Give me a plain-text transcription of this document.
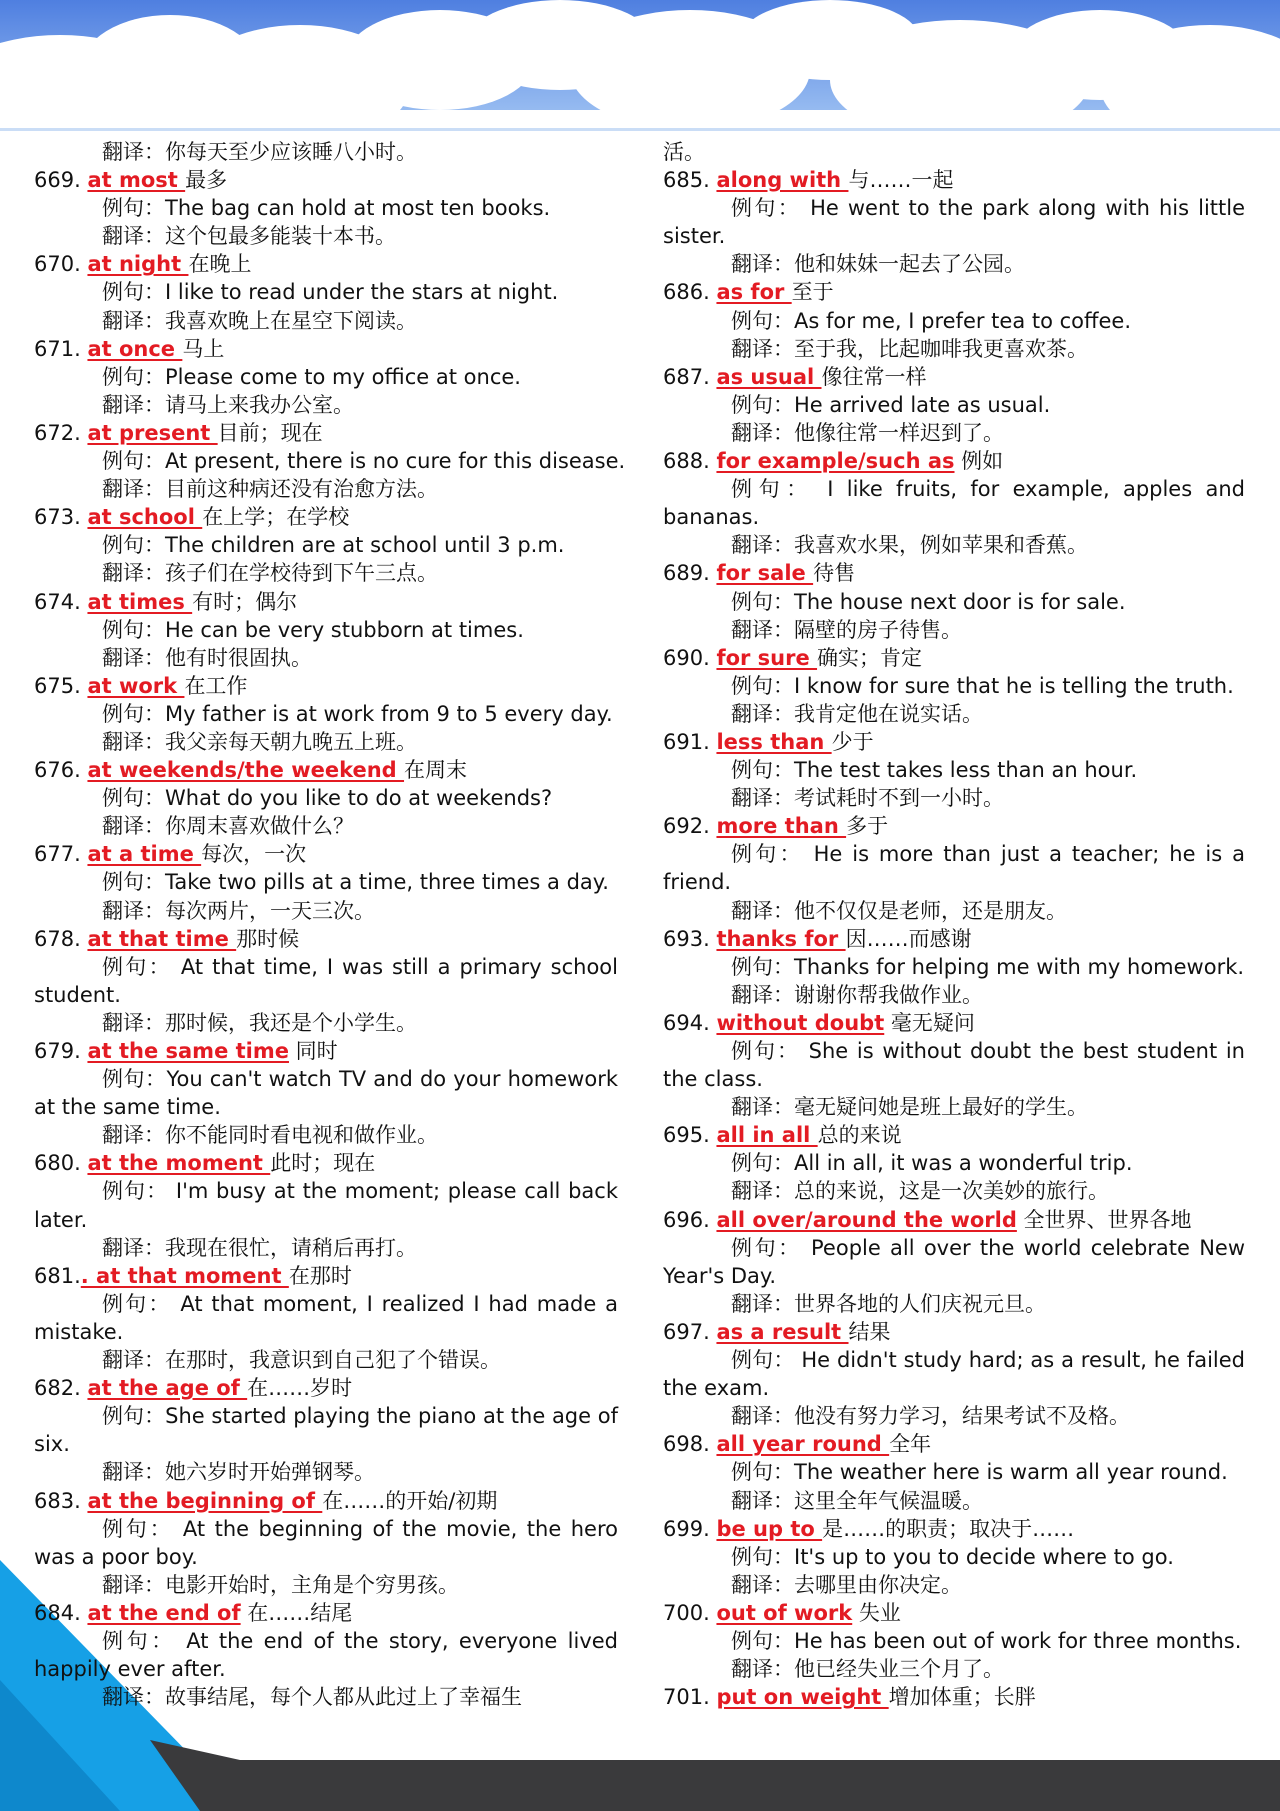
翻译：你每天至少应该睡八小时。
669. at most 最多
例句：The bag can hold at most ten books.
翻译：这个包最多能装十本书。
670. at night 在晚上
例句：I like to read under the stars at night.
翻译：我喜欢晚上在星空下阅读。
671. at once 马上
例句：Please come to my office at once.
翻译：请马上来我办公室。
672. at present 目前；现在
例句：At present, there is no cure for this disease.
翻译：目前这种病还没有治愈方法。
673. at school 在上学；在学校
例句：The children are at school until 3 p.m.
翻译：孩子们在学校待到下午三点。
674. at times 有时；偶尔
例句：He can be very stubborn at times.
翻译：他有时很固执。
675. at work 在工作
例句：My father is at work from 9 to 5 every day.
翻译：我父亲每天朝九晚五上班。
676. at weekends/the weekend 在周末
例句：What do you like to do at weekends?
翻译：你周末喜欢做什么？
677. at a time 每次，一次
例句：Take two pills at a time, three times a day.
翻译：每次两片，一天三次。
678. at that time 那时候
例句： At that time, I was still a primary school
student.
翻译：那时候，我还是个小学生。
679. at the same time 同时
例句：You can't watch TV and do your homework
at the same time.
翻译：你不能同时看电视和做作业。
680. at the moment 此时；现在
例句： I'm busy at the moment; please call back
later.
翻译：我现在很忙，请稍后再打。
681.. at that moment 在那时
例句： At that moment, I realized I had made a
mistake.
翻译：在那时，我意识到自己犯了个错误。
682. at the age of 在……岁时
例句：She started playing the piano at the age of
six.
翻译：她六岁时开始弹钢琴。
683. at the beginning of 在……的开始/初期
例句： At the beginning of the movie, the hero
was a poor boy.
翻译：电影开始时，主角是个穷男孩。
684. at the end of 在……结尾
例句： At the end of the story, everyone lived
happily ever after.
翻译：故事结尾，每个人都从此过上了幸福生
活。
685. along with 与……一起
例句： He went to the park along with his little
sister.
翻译：他和妹妹一起去了公园。
686. as for 至于
例句：As for me, I prefer tea to coffee.
翻译：至于我，比起咖啡我更喜欢茶。
687. as usual 像往常一样
例句：He arrived late as usual.
翻译：他像往常一样迟到了。
688. for example/such as 例如
例句： I like fruits, for example, apples and
bananas.
翻译：我喜欢水果，例如苹果和香蕉。
689. for sale 待售
例句：The house next door is for sale.
翻译：隔壁的房子待售。
690. for sure 确实；肯定
例句：I know for sure that he is telling the truth.
翻译：我肯定他在说实话。
691. less than 少于
例句：The test takes less than an hour.
翻译：考试耗时不到一小时。
692. more than 多于
例句： He is more than just a teacher; he is a
friend.
翻译：他不仅仅是老师，还是朋友。
693. thanks for 因……而感谢
例句：Thanks for helping me with my homework.
翻译：谢谢你帮我做作业。
694. without doubt 毫无疑问
例句： She is without doubt the best student in
the class.
翻译：毫无疑问她是班上最好的学生。
695. all in all 总的来说
例句：All in all, it was a wonderful trip.
翻译：总的来说，这是一次美妙的旅行。
696. all over/around the world 全世界、世界各地
例句： People all over the world celebrate New
Year's Day.
翻译：世界各地的人们庆祝元旦。
697. as a result 结果
例句： He didn't study hard; as a result, he failed
the exam.
翻译：他没有努力学习，结果考试不及格。
698. all year round 全年
例句：The weather here is warm all year round.
翻译：这里全年气候温暖。
699. be up to 是……的职责；取决于……
例句：It's up to you to decide where to go.
翻译：去哪里由你决定。
700. out of work 失业
例句：He has been out of work for three months.
翻译：他已经失业三个月了。
701. put on weight 增加体重；长胖
